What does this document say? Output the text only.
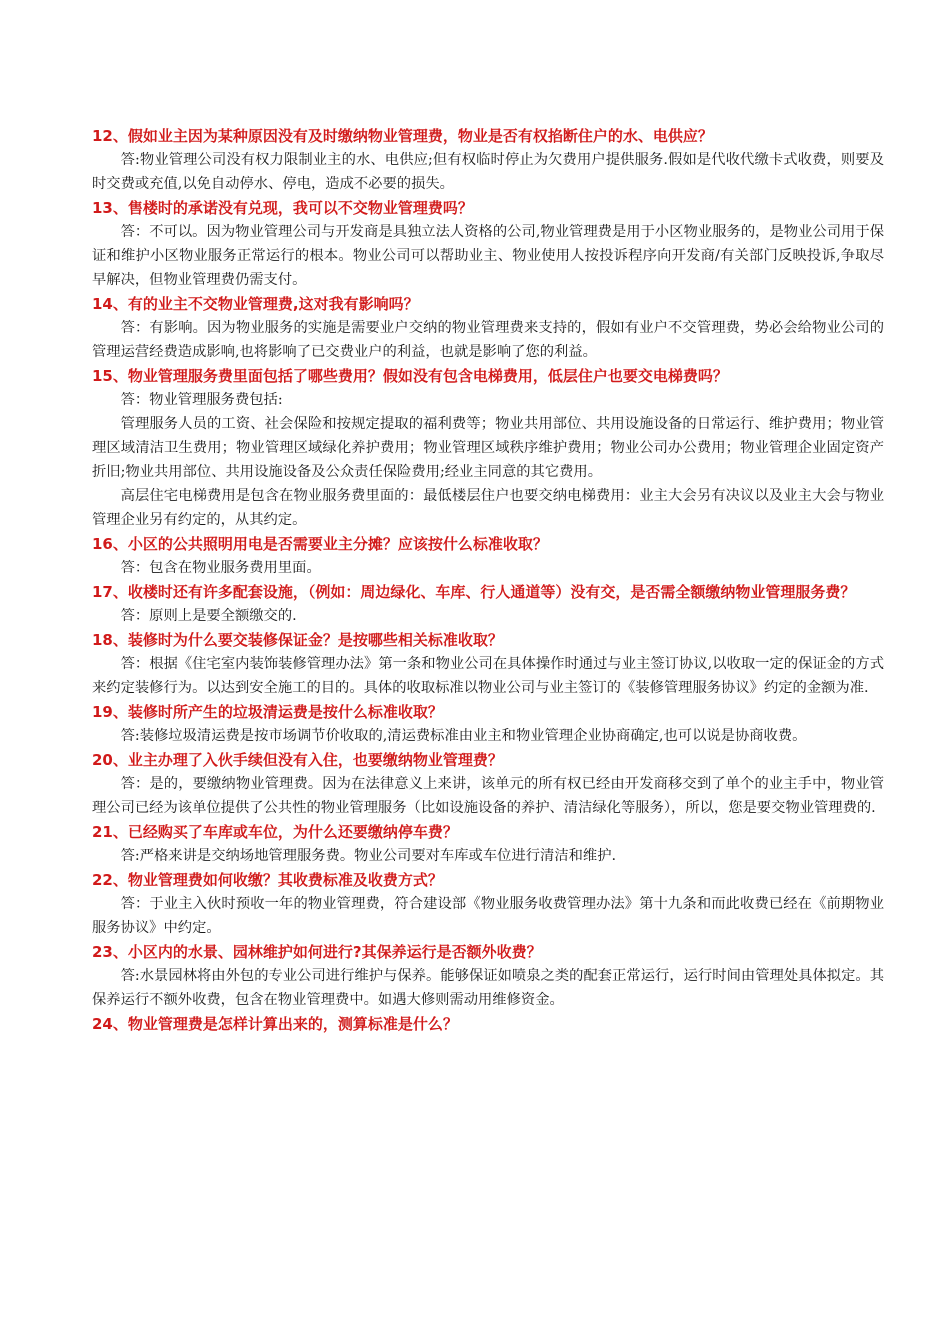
12、假如业主因为某种原因没有及时缴纳物业管理费，物业是否有权掐断住户的水、电供应？

答:物业管理公司没有权力限制业主的水、电供应;但有权临时停止为欠费用户提供服务.假如是代收代缴卡式收费，则要及时交费或充值,以免自动停水、停电，造成不必要的损失。

13、售楼时的承诺没有兑现，我可以不交物业管理费吗？

答：不可以。因为物业管理公司与开发商是具独立法人资格的公司,物业管理费是用于小区物业服务的，是物业公司用于保证和维护小区物业服务正常运行的根本。物业公司可以帮助业主、物业使用人按投诉程序向开发商/有关部门反映投诉,争取尽早解决，但物业管理费仍需支付。

14、有的业主不交物业管理费,这对我有影响吗？

答：有影响。因为物业服务的实施是需要业户交纳的物业管理费来支持的，假如有业户不交管理费，势必会给物业公司的管理运营经费造成影响,也将影响了已交费业户的利益，也就是影响了您的利益。

15、物业管理服务费里面包括了哪些费用？假如没有包含电梯费用，低层住户也要交电梯费吗？

答：物业管理服务费包括:

管理服务人员的工资、社会保险和按规定提取的福利费等；物业共用部位、共用设施设备的日常运行、维护费用；物业管理区域清洁卫生费用；物业管理区域绿化养护费用；物业管理区域秩序维护费用；物业公司办公费用；物业管理企业固定资产折旧;物业共用部位、共用设施设备及公众责任保险费用;经业主同意的其它费用。

高层住宅电梯费用是包含在物业服务费里面的：最低楼层住户也要交纳电梯费用：业主大会另有决议以及业主大会与物业管理企业另有约定的，从其约定。

16、小区的公共照明用电是否需要业主分摊？应该按什么标准收取？

答：包含在物业服务费用里面。

17、收楼时还有许多配套设施，（例如：周边绿化、车库、行人通道等）没有交，是否需全额缴纳物业管理服务费？

答：原则上是要全额缴交的.

18、装修时为什么要交装修保证金？是按哪些相关标准收取？

答：根据《住宅室内装饰装修管理办法》第一条和物业公司在具体操作时通过与业主签订协议,以收取一定的保证金的方式来约定装修行为。以达到安全施工的目的。具体的收取标准以物业公司与业主签订的《装修管理服务协议》约定的金额为准.

19、装修时所产生的垃圾清运费是按什么标准收取？

答:装修垃圾清运费是按市场调节价收取的,清运费标准由业主和物业管理企业协商确定,也可以说是协商收费。

20、业主办理了入伙手续但没有入住，也要缴纳物业管理费？

答：是的，要缴纳物业管理费。因为在法律意义上来讲，该单元的所有权已经由开发商移交到了单个的业主手中，物业管理公司已经为该单位提供了公共性的物业管理服务（比如设施设备的养护、清洁绿化等服务），所以，您是要交物业管理费的.

21、已经购买了车库或车位，为什么还要缴纳停车费？

答:严格来讲是交纳场地管理服务费。物业公司要对车库或车位进行清洁和维护.

22、物业管理费如何收缴？其收费标准及收费方式？

答：于业主入伙时预收一年的物业管理费，符合建设部《物业服务收费管理办法》第十九条和而此收费已经在《前期物业服务协议》中约定。

23、小区内的水景、园林维护如何进行?其保养运行是否额外收费？

答:水景园林将由外包的专业公司进行维护与保养。能够保证如喷泉之类的配套正常运行，运行时间由管理处具体拟定。其保养运行不额外收费，包含在物业管理费中。如遇大修则需动用维修资金。

24、物业管理费是怎样计算出来的，测算标准是什么？
